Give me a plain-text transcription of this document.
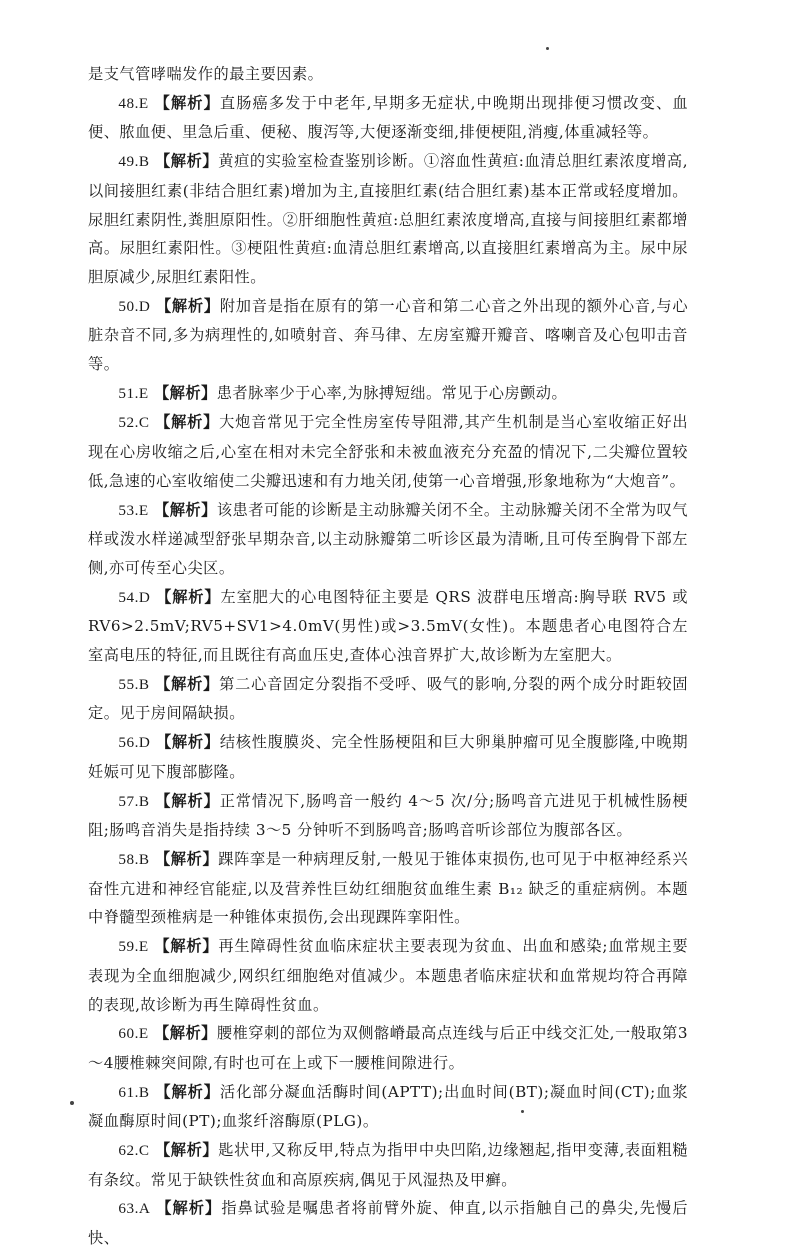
是支气管哮喘发作的最主要因素。

48.E 【解析】直肠癌多发于中老年,早期多无症状,中晚期出现排便习惯改变、血便、脓血便、里急后重、便秘、腹泻等,大便逐渐变细,排便梗阻,消瘦,体重减轻等。

49.B 【解析】黄疸的实验室检查鉴别诊断。①溶血性黄疸:血清总胆红素浓度增高,以间接胆红素(非结合胆红素)增加为主,直接胆红素(结合胆红素)基本正常或轻度增加。尿胆红素阴性,粪胆原阳性。②肝细胞性黄疸:总胆红素浓度增高,直接与间接胆红素都增高。尿胆红素阳性。③梗阻性黄疸:血清总胆红素增高,以直接胆红素增高为主。尿中尿胆原减少,尿胆红素阳性。

50.D 【解析】附加音是指在原有的第一心音和第二心音之外出现的额外心音,与心脏杂音不同,多为病理性的,如喷射音、奔马律、左房室瓣开瓣音、喀喇音及心包叩击音等。

51.E 【解析】患者脉率少于心率,为脉搏短绌。常见于心房颤动。

52.C 【解析】大炮音常见于完全性房室传导阻滞,其产生机制是当心室收缩正好出现在心房收缩之后,心室在相对未完全舒张和未被血液充分充盈的情况下,二尖瓣位置较低,急速的心室收缩使二尖瓣迅速和有力地关闭,使第一心音增强,形象地称为“大炮音”。

53.E 【解析】该患者可能的诊断是主动脉瓣关闭不全。主动脉瓣关闭不全常为叹气样或泼水样递减型舒张早期杂音,以主动脉瓣第二听诊区最为清晰,且可传至胸骨下部左侧,亦可传至心尖区。

54.D 【解析】左室肥大的心电图特征主要是 QRS 波群电压增高:胸导联 RV5 或 RV6>2.5mV;RV5+SV1>4.0mV(男性)或>3.5mV(女性)。本题患者心电图符合左室高电压的特征,而且既往有高血压史,查体心浊音界扩大,故诊断为左室肥大。

55.B 【解析】第二心音固定分裂指不受呼、吸气的影响,分裂的两个成分时距较固定。见于房间隔缺损。

56.D 【解析】结核性腹膜炎、完全性肠梗阻和巨大卵巢肿瘤可见全腹膨隆,中晚期妊娠可见下腹部膨隆。

57.B 【解析】正常情况下,肠鸣音一般约 4～5 次/分;肠鸣音亢进见于机械性肠梗阻;肠鸣音消失是指持续 3～5 分钟听不到肠鸣音;肠鸣音听诊部位为腹部各区。

58.B 【解析】踝阵挛是一种病理反射,一般见于锥体束损伤,也可见于中枢神经系兴奋性亢进和神经官能症,以及营养性巨幼红细胞贫血维生素 B₁₂ 缺乏的重症病例。本题中脊髓型颈椎病是一种锥体束损伤,会出现踝阵挛阳性。

59.E 【解析】再生障碍性贫血临床症状主要表现为贫血、出血和感染;血常规主要表现为全血细胞减少,网织红细胞绝对值减少。本题患者临床症状和血常规均符合再障的表现,故诊断为再生障碍性贫血。

60.E 【解析】腰椎穿刺的部位为双侧髂嵴最高点连线与后正中线交汇处,一般取第3～4腰椎棘突间隙,有时也可在上或下一腰椎间隙进行。

61.B 【解析】活化部分凝血活酶时间(APTT);出血时间(BT);凝血时间(CT);血浆凝血酶原时间(PT);血浆纤溶酶原(PLG)。

62.C 【解析】匙状甲,又称反甲,特点为指甲中央凹陷,边缘翘起,指甲变薄,表面粗糙有条纹。常见于缺铁性贫血和高原疾病,偶见于风湿热及甲癣。

63.A 【解析】指鼻试验是嘱患者将前臂外旋、伸直,以示指触自己的鼻尖,先慢后快、
